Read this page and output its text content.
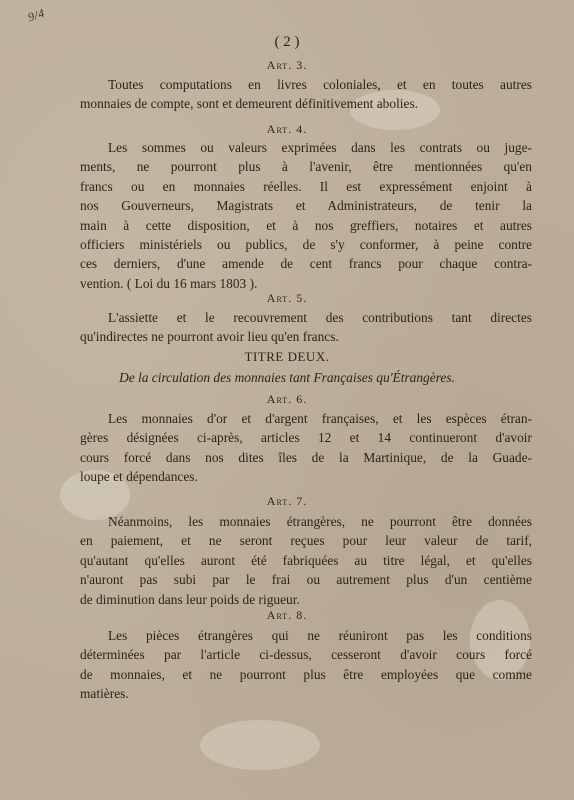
9/4
( 2 )
Art. 3.
Toutes computations en livres coloniales, et en toutes autres
monnaies de compte, sont et demeurent définitivement abolies.
Art. 4.
Les sommes ou valeurs exprimées dans les contrats ou juge-
ments, ne pourront plus à l'avenir, être mentionnées qu'en
francs ou en monnaies réelles. Il est expressément enjoint à
nos Gouverneurs, Magistrats et Administrateurs, de tenir la
main à cette disposition, et à nos greffiers, notaires et autres
officiers ministériels ou publics, de s'y conformer, à peine contre
ces derniers, d'une amende de cent francs pour chaque contra-
vention. ( Loi du 16 mars 1803 ).
Art. 5.
L'assiette et le recouvrement des contributions tant directes
qu'indirectes ne pourront avoir lieu qu'en francs.
TITRE DEUX.
De la circulation des monnaies tant Françaises qu'Étrangères.
Art. 6.
Les monnaies d'or et d'argent françaises, et les espèces étran-
gères désignées ci-après, articles 12 et 14 continueront d'avoir
cours forcé dans nos dites îles de la Martinique, de la Guade-
loupe et dépendances.
Art. 7.
Néanmoins, les monnaies étrangères, ne pourront être données
en paiement, et ne seront reçues pour leur valeur de tarif,
qu'autant qu'elles auront été fabriquées au titre légal, et qu'elles
n'auront pas subi par le frai ou autrement plus d'un centième
de diminution dans leur poids de rigueur.
Art. 8.
Les pièces étrangères qui ne réuniront pas les conditions
déterminées par l'article ci-dessus, cesseront d'avoir cours forcé
de monnaies, et ne pourront plus être employées que comme
matières.
